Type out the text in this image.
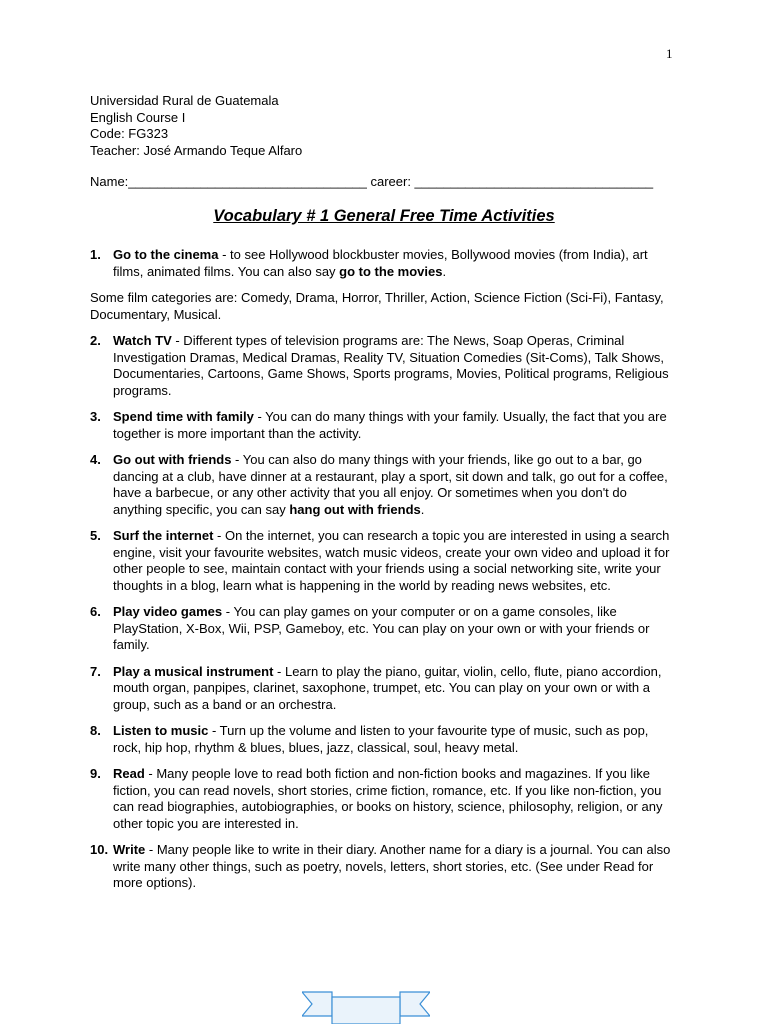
1
Universidad Rural de Guatemala
English Course I
Code: FG323
Teacher: José Armando Teque Alfaro
Name:_________________________________ career: _________________________________
Vocabulary # 1 General Free Time Activities
1. Go to the cinema - to see Hollywood blockbuster movies, Bollywood movies (from India), art films, animated films. You can also say go to the movies.
Some film categories are: Comedy, Drama, Horror, Thriller, Action, Science Fiction (Sci-Fi), Fantasy, Documentary, Musical.
2. Watch TV - Different types of television programs are: The News, Soap Operas, Criminal Investigation Dramas, Medical Dramas, Reality TV, Situation Comedies (Sit-Coms), Talk Shows, Documentaries, Cartoons, Game Shows, Sports programs, Movies, Political programs, Religious programs.
3. Spend time with family - You can do many things with your family. Usually, the fact that you are together is more important than the activity.
4. Go out with friends - You can also do many things with your friends, like go out to a bar, go dancing at a club, have dinner at a restaurant, play a sport, sit down and talk, go out for a coffee, have a barbecue, or any other activity that you all enjoy. Or sometimes when you don't do anything specific, you can say hang out with friends.
5. Surf the internet - On the internet, you can research a topic you are interested in using a search engine, visit your favourite websites, watch music videos, create your own video and upload it for other people to see, maintain contact with your friends using a social networking site, write your thoughts in a blog, learn what is happening in the world by reading news websites, etc.
6. Play video games - You can play games on your computer or on a game consoles, like PlayStation, X-Box, Wii, PSP, Gameboy, etc. You can play on your own or with your friends or family.
7. Play a musical instrument - Learn to play the piano, guitar, violin, cello, flute, piano accordion, mouth organ, panpipes, clarinet, saxophone, trumpet, etc. You can play on your own or with a group, such as a band or an orchestra.
8. Listen to music - Turn up the volume and listen to your favourite type of music, such as pop, rock, hip hop, rhythm & blues, blues, jazz, classical, soul, heavy metal.
9. Read - Many people love to read both fiction and non-fiction books and magazines. If you like fiction, you can read novels, short stories, crime fiction, romance, etc. If you like non-fiction, you can read biographies, autobiographies, or books on history, science, philosophy, religion, or any other topic you are interested in.
10. Write - Many people like to write in their diary. Another name for a diary is a journal. You can also write many other things, such as poetry, novels, letters, short stories, etc. (See under Read for more options).
